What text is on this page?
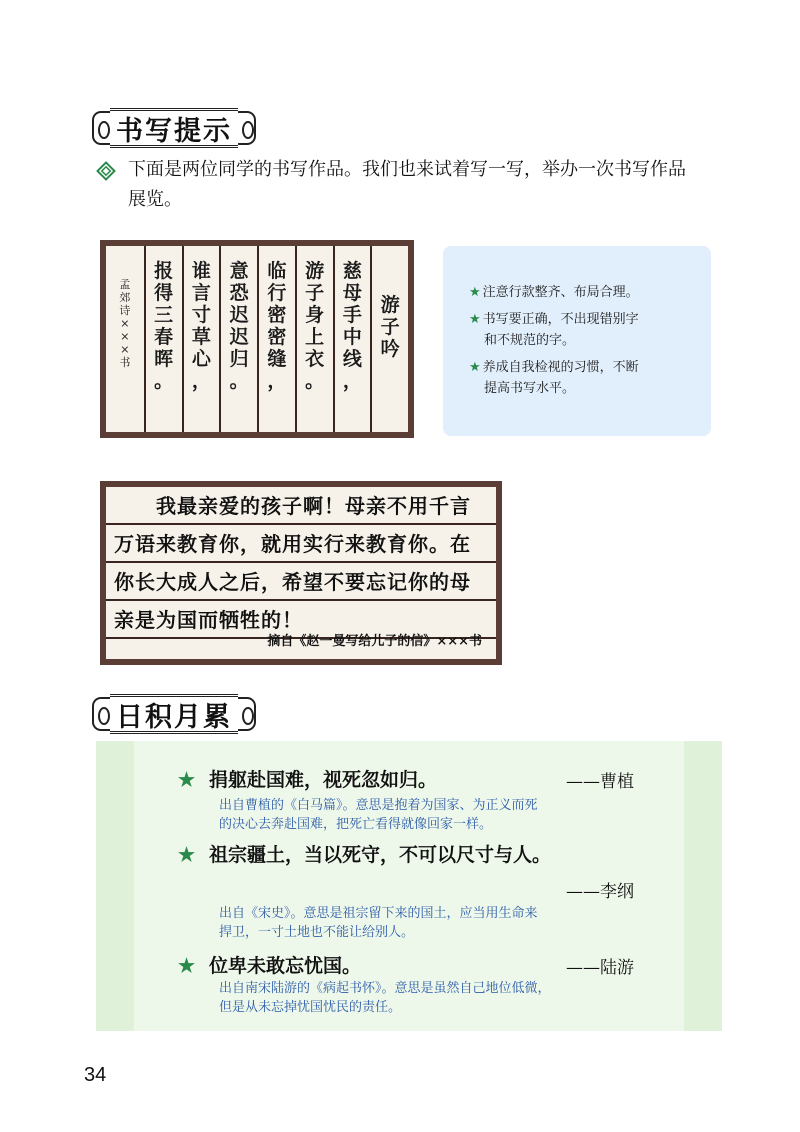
书写提示
下面是两位同学的书写作品。我们也来试着写一写，举办一次书写作品
展览。
游
子
吟
慈
母
手
中
线
，
游
子
身
上
衣
。
临
行
密
密
缝
，
意
恐
迟
迟
归
。
谁
言
寸
草
心
，
报
得
三
春
晖
。
孟
郊
诗
×
×
×
书
★ 注意行款整齐、布局合理。
★ 书写要正确，不出现错别字
和不规范的字。
★ 养成自我检视的习惯，不断
提高书写水平。
　　我最亲爱的孩子啊！母亲不用千言
万语来教育你，就用实行来教育你。在
你长大成人之后，希望不要忘记你的母
亲是为国而牺牲的！
摘自《赵一曼写给儿子的信》×××书
日积月累
★ 捐躯赴国难，视死忽如归。	——曹植
出自曹植的《白马篇》。意思是抱着为国家、为正义而死
的决心去奔赴国难，把死亡看得就像回家一样。
★ 祖宗疆土，当以死守，不可以尺寸与人。
——李纲
出自《宋史》。意思是祖宗留下来的国土，应当用生命来
捍卫，一寸土地也不能让给别人。
★ 位卑未敢忘忧国。	——陆游
出自南宋陆游的《病起书怀》。意思是虽然自己地位低微，
但是从未忘掉忧国忧民的责任。
34
